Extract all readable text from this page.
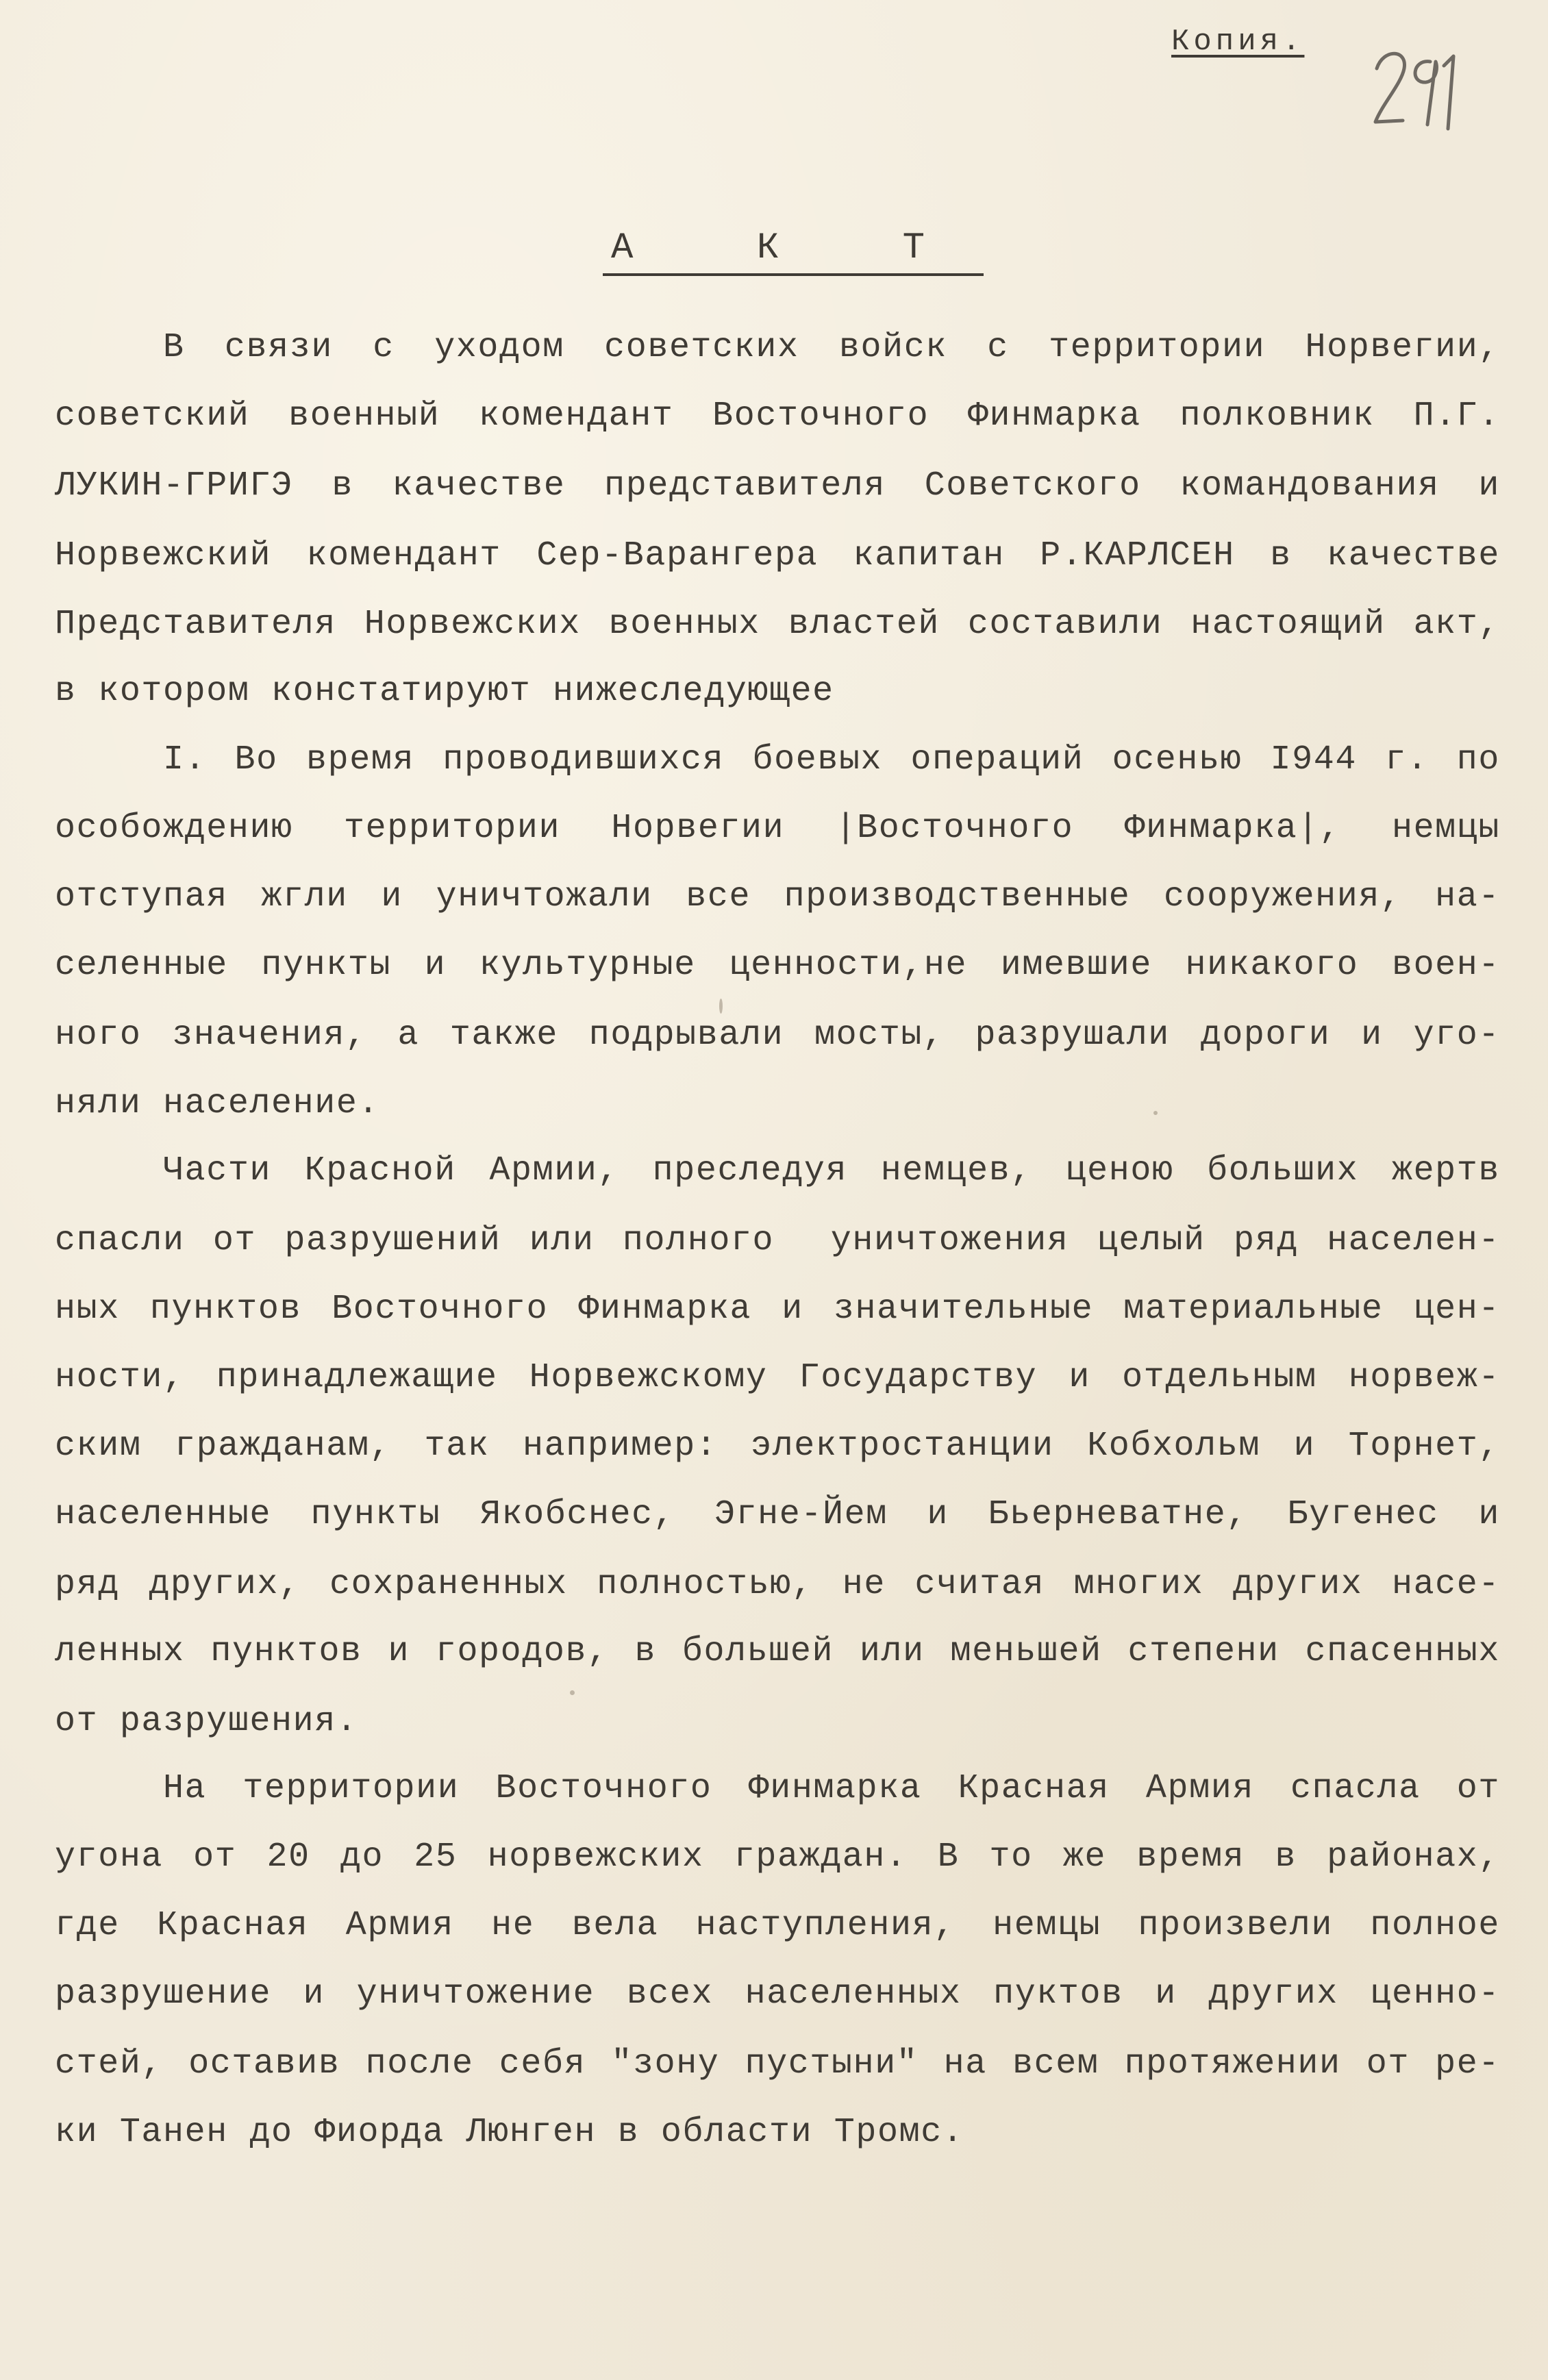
Копия.
А К Т
В связи с уходом советских войск с территории Норвегии,
советский военный комендант Восточного Финмарка полковник П.Г.
ЛУКИН-ГРИГЭ в качестве представителя Советского командования и
Норвежский комендант Сер-Варангера капитан Р.КАРЛСЕН в качестве
Представителя Норвежских военных властей составили настоящий акт,
в котором констатируют нижеследующее
I. Во время проводившихся боевых операций осенью I944 г. по
особождению территории Норвегии |Восточного Финмарка|, немцы
отступая жгли и уничтожали все производственные сооружения, на-
селенные пункты и культурные ценности,не имевшие никакого воен-
ного значения, а также подрывали мосты, разрушали дороги и уго-
няли население.
Части Красной Армии, преследуя немцев, ценою больших жертв
спасли от разрушений или полного  уничтожения целый ряд населен-
ных пунктов Восточного Финмарка и значительные материальные цен-
ности, принадлежащие Норвежскому Государству и отдельным норвеж-
ским гражданам, так например: электростанции Кобхольм и Торнет,
населенные пункты Якобснес, Эгне-Йем и Бьерневатне, Бугенес и
ряд других, сохраненных полностью, не считая многих других насе-
ленных пунктов и городов, в большей или меньшей степени спасенных
от разрушения.
На территории Восточного Финмарка Красная Армия спасла от
угона от 20 до 25 норвежских граждан. В то же время в районах,
где Красная Армия не вела наступления, немцы произвели полное
разрушение и уничтожение всех населенных пуктов и других ценно-
стей, оставив после себя "зону пустыни" на всем протяжении от ре-
ки Танен до Фиорда Люнген в области Тромс.
